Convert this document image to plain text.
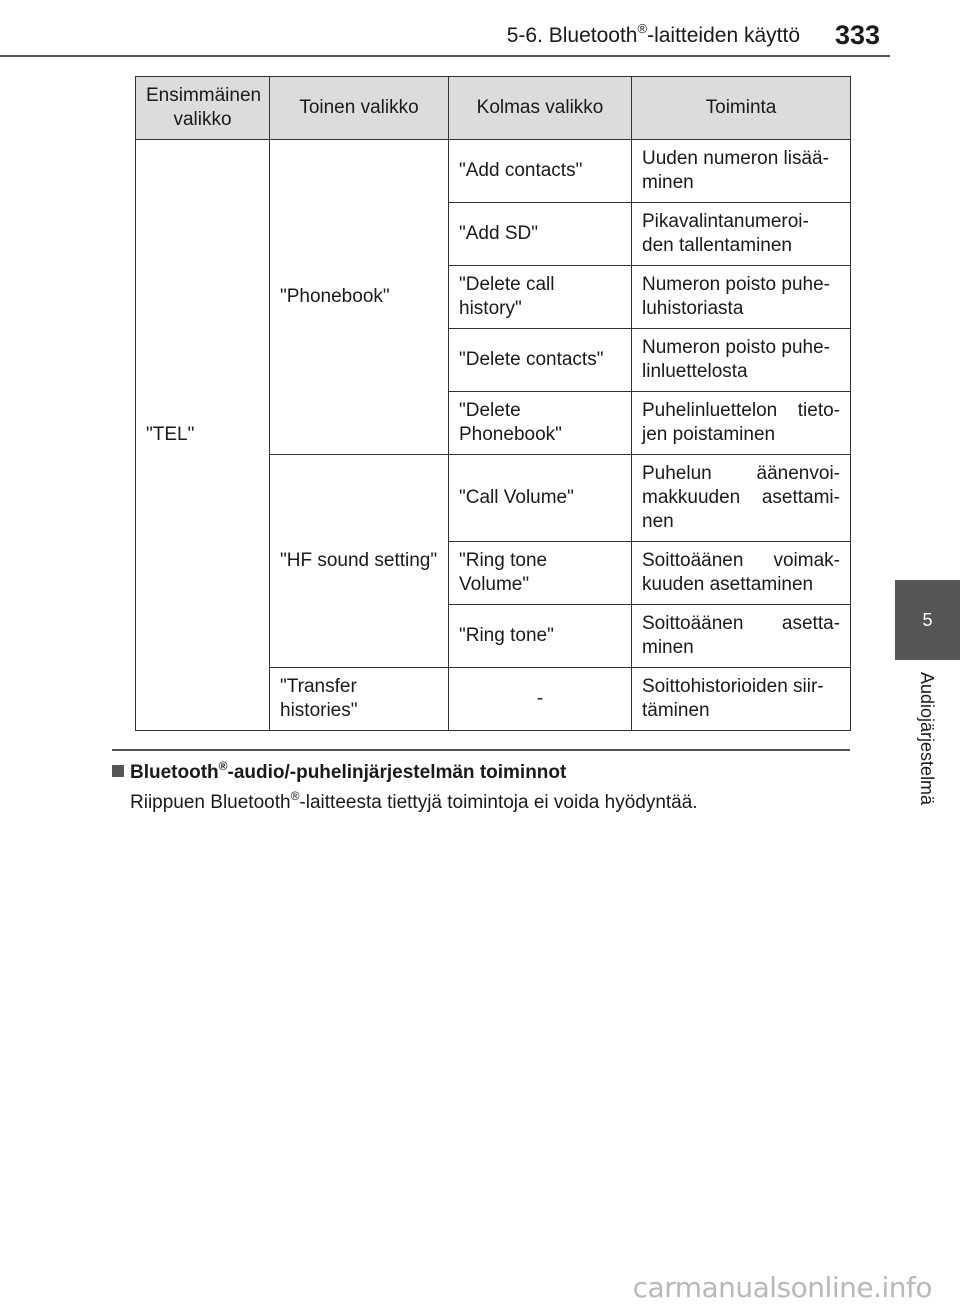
5-6. Bluetooth®-laitteiden käyttö 333
5
Audiojärjestelmä
Ensimmäinen valikko	Toinen valikko	Kolmas valikko	Toiminta
"TEL"	"Phonebook"	"Add contacts"	Uuden numeron lisää-minen
		"Add SD"	Pikavalintanumeroi-den tallentaminen
		"Delete call history"	Numeron poisto puhe-luhistoriasta
		"Delete contacts"	Numeron poisto puhe-linluettelosta
		"Delete Phonebook"	Puhelinluettelon tieto-jen poistaminen
	"HF sound setting"	"Call Volume"	Puhelun äänenvoi-makkuuden asettami-nen
		"Ring tone Volume"	Soittoäänen voimak-kuuden asettaminen
		"Ring tone"	Soittoäänen asetta-minen
	"Transfer histories"	-	Soittohistorioiden siir-täminen
Bluetooth®-audio/-puhelinjärjestelmän toiminnot
Riippuen Bluetooth®-laitteesta tiettyjä toimintoja ei voida hyödyntää.
carmanualsonline.info
